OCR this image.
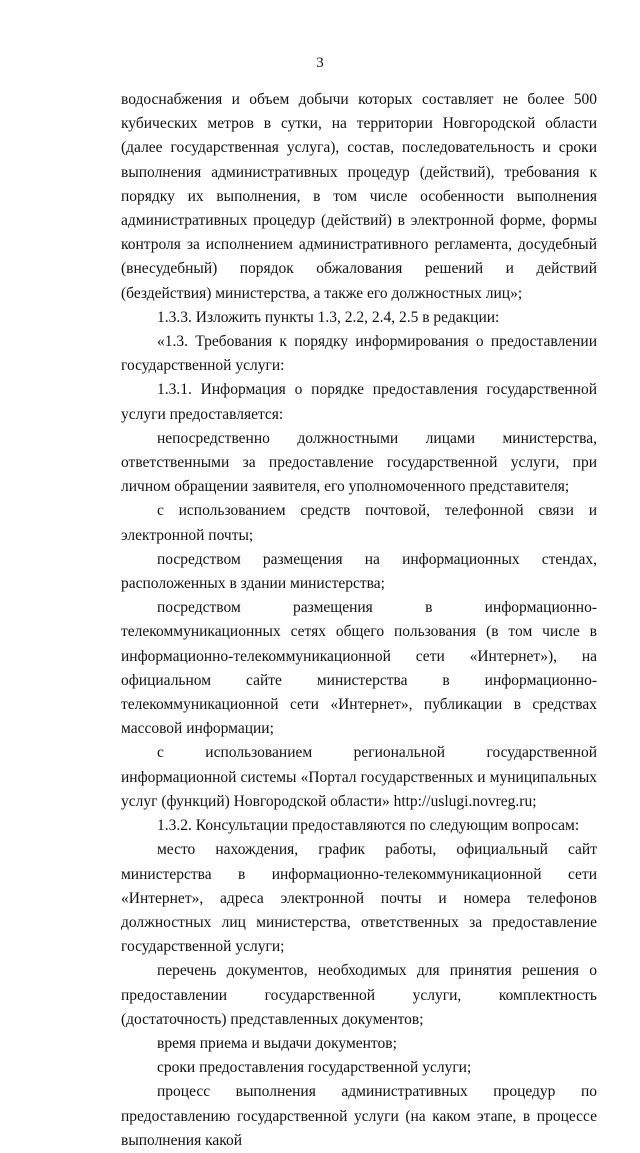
3

водоснабжения и объем добычи которых составляет не более 500 кубических метров в сутки, на территории Новгородской области (далее государственная услуга), состав, последовательность и сроки выполнения административных процедур (действий), требования к порядку их выполнения, в том числе особенности выполнения административных процедур (действий) в электронной форме, формы контроля за исполнением административного регламента, досудебный (внесудебный) порядок обжалования решений и действий (бездействия) министерства, а также его должностных лиц»;

1.3.3. Изложить пункты 1.3, 2.2, 2.4, 2.5 в редакции:

«1.3. Требования к порядку информирования о предоставлении государственной услуги:

1.3.1. Информация о порядке предоставления государственной услуги предоставляется:

непосредственно должностными лицами министерства, ответственными за предоставление государственной услуги, при личном обращении заявителя, его уполномоченного представителя;

с использованием средств почтовой, телефонной связи и электронной почты;

посредством размещения на информационных стендах, расположенных в здании министерства;

посредством размещения в информационно-телекоммуникационных сетях общего пользования (в том числе в информационно-телекоммуникационной сети «Интернет»), на официальном сайте министерства в информационно-телекоммуникационной сети «Интернет», публикации в средствах массовой информации;

с использованием региональной государственной информационной системы «Портал государственных и муниципальных услуг (функций) Новгородской области» http://uslugi.novreg.ru;

1.3.2. Консультации предоставляются по следующим вопросам:

место нахождения, график работы, официальный сайт министерства в информационно-телекоммуникационной сети «Интернет», адреса электронной почты и номера телефонов должностных лиц министерства, ответственных за предоставление государственной услуги;

перечень документов, необходимых для принятия решения о предоставлении государственной услуги, комплектность (достаточность) представленных документов;

время приема и выдачи документов;

сроки предоставления государственной услуги;

процесс выполнения административных процедур по предоставлению государственной услуги (на каком этапе, в процессе выполнения какой
